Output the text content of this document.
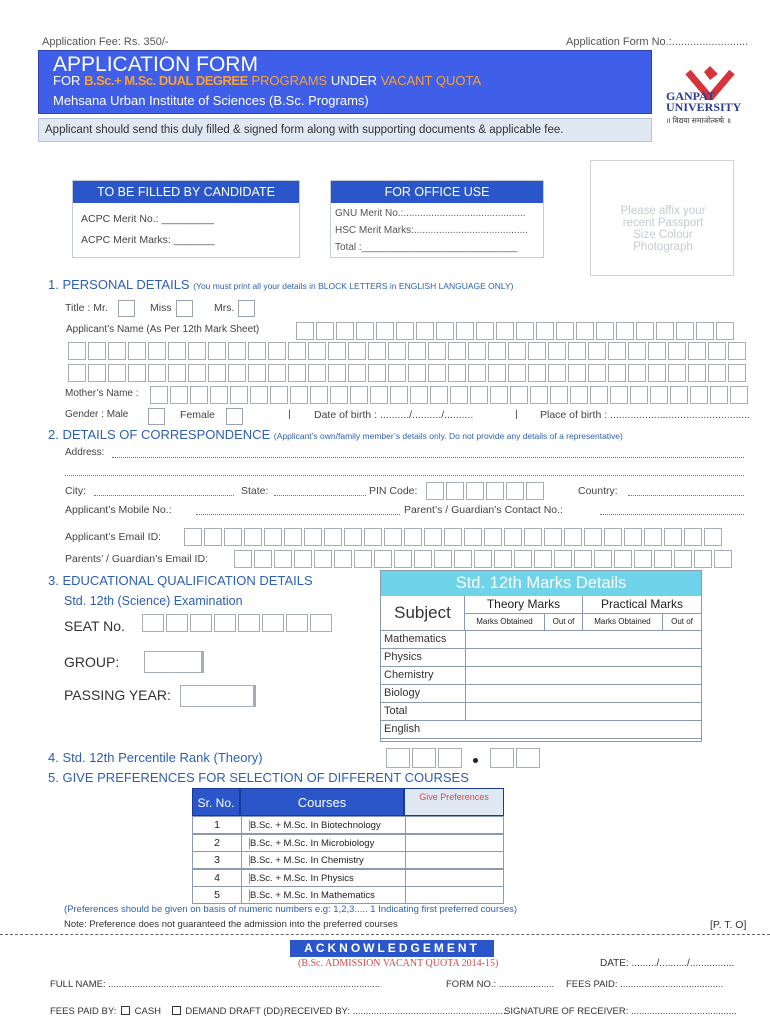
Application Fee: Rs. 350/-	Application Form No.:.........................
APPLICATION FORM
FOR B.Sc.+ M.Sc. DUAL DEGREE PROGRAMS UNDER VACANT QUOTA
Mehsana Urban Institute of Sciences (B.Sc. Programs)	GANPAT
UNIVERSITY
॥ विद्यया समाजोत्कर्षः ॥
Applicant should send this duly filled & signed form along with supporting documents & applicable fee.
TO BE FILLED BY CANDIDATE
ACPC Merit No.: _________
ACPC Merit Marks: _______
FOR OFFICE USE
GNU Merit No.:............................................
HSC Merit Marks:.........................................
Total :____________________________
Please affix your recent Passport Size Colour Photograph
1. PERSONAL DETAILS (You must print all your details in BLOCK LETTERS in ENGLISH LANGUAGE ONLY)
Title : Mr.	Miss	Mrs.
Applicant’s Name (As Per 12th Mark Sheet)
Mother’s Name :
Gender : Male	Female	| Date of birth : ........../........../..........	| Place of birth : ................................................
2. DETAILS OF CORRESPONDENCE (Applicant’s own/family member’s details only. Do not provide any details of a representative)
Address:
City:	State:	PIN Code:	Country:
Applicant’s Mobile No.:	Parent’s / Guardian’s Contact No.:
Applicant’s Email ID:
Parents’ / Guardian’s Email ID:
3. EDUCATIONAL QUALIFICATION DETAILS
Std. 12th (Science) Examination
SEAT No.
GROUP:
PASSING YEAR:
Std. 12th Marks Details
Subject	Theory Marks	Practical Marks
Marks Obtained	Out of	Marks Obtained	Out of
Mathematics
Physics
Chemistry
Biology
Total
English
4. Std. 12th Percentile Rank (Theory)
5. GIVE PREFERENCES FOR SELECTION OF DIFFERENT COURSES
Sr. No.	Courses	Give Preferences
1	B.Sc. + M.Sc. In Biotechnology
2	B.Sc. + M.Sc. In Microbiology
3	B.Sc. + M.Sc. In Chemistry
4	B.Sc. + M.Sc. In Physics
5	B.Sc. + M.Sc. In Mathematics
(Preferences should be given on basis of numeric numbers e.g: 1,2,3..... 1 Indicating first preferred courses)
Note: Preference does not guaranteed the admission into the preferred courses	[P. T. O]
ACKNOWLEDGEMENT
(B.Sc. ADMISSION VACANT QUOTA 2014-15)	DATE: ........./........../................
FULL NAME: .......................................................................................................	FORM NO.: ..................... FEES PAID: .......................................
FEES PAID BY: CASH	DEMAND DRAFT (DD) RECEIVED BY: ...........................................................
SIGNATURE OF RECEIVER: ........................................
